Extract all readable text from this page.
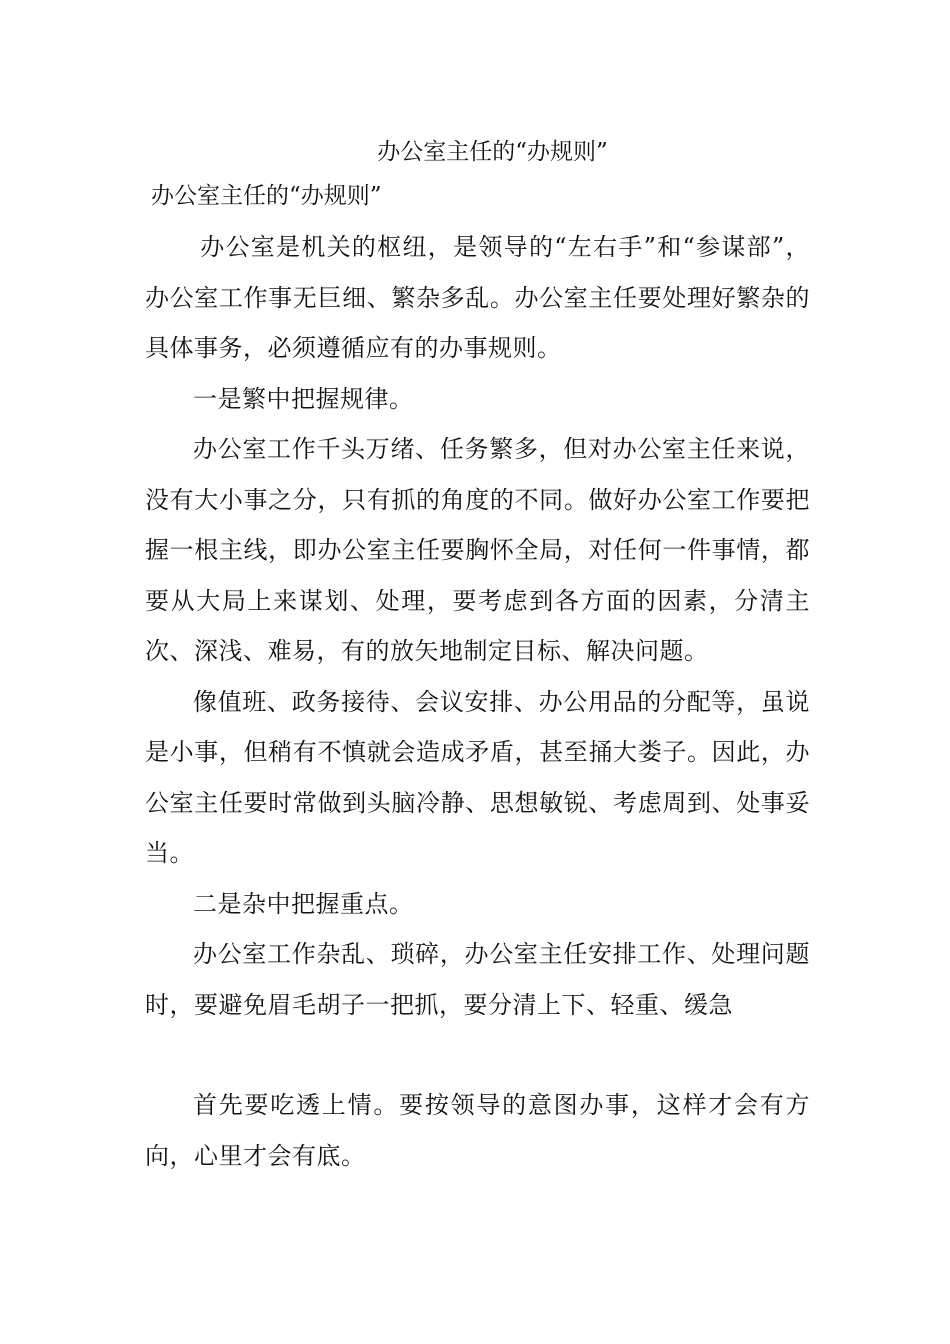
办公室主任的“办规则”
办公室主任的“办规则”

办公室是机关的枢纽，是领导的“左右手”和“参谋部”，办公室工作事无巨细、繁杂多乱。办公室主任要处理好繁杂的具体事务，必须遵循应有的办事规则。

一是繁中把握规律。

办公室工作千头万绪、任务繁多，但对办公室主任来说，没有大小事之分，只有抓的角度的不同。做好办公室工作要把握一根主线，即办公室主任要胸怀全局，对任何一件事情，都要从大局上来谋划、处理，要考虑到各方面的因素，分清主次、深浅、难易，有的放矢地制定目标、解决问题。

像值班、政务接待、会议安排、办公用品的分配等，虽说是小事，但稍有不慎就会造成矛盾，甚至捅大娄子。因此，办公室主任要时常做到头脑冷静、思想敏锐、考虑周到、处事妥当。

二是杂中把握重点。

办公室工作杂乱、琐碎，办公室主任安排工作、处理问题时，要避免眉毛胡子一把抓，要分清上下、轻重、缓急

首先要吃透上情。要按领导的意图办事，这样才会有方向，心里才会有底。
